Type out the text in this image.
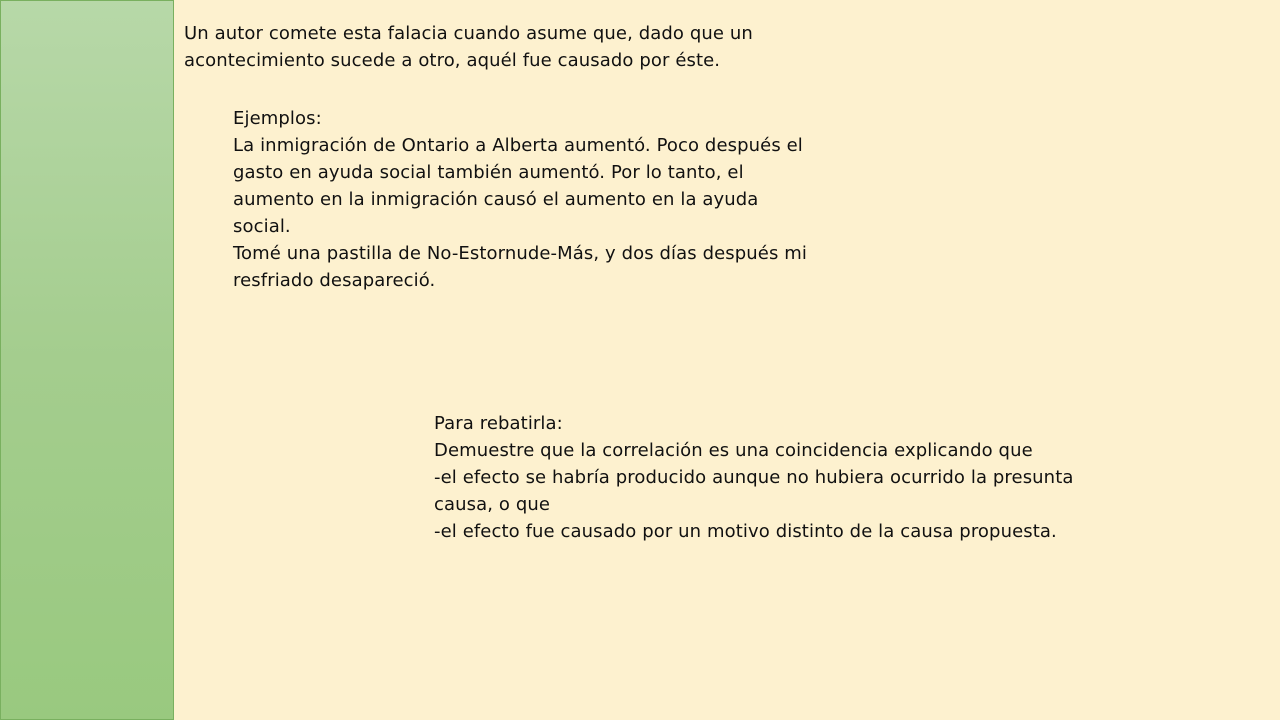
Un autor comete esta falacia cuando asume que, dado que un
acontecimiento sucede a otro, aquél fue causado por éste.
Ejemplos:
La inmigración de Ontario a Alberta aumentó. Poco después el
gasto en ayuda social también aumentó. Por lo tanto, el
aumento en la inmigración causó el aumento en la ayuda
social.
Tomé una pastilla de No-Estornude-Más, y dos días después mi
resfriado desapareció.
Para rebatirla:
Demuestre que la correlación es una coincidencia explicando que
-el efecto se habría producido aunque no hubiera ocurrido la presunta
causa, o que
-el efecto fue causado por un motivo distinto de la causa propuesta.
